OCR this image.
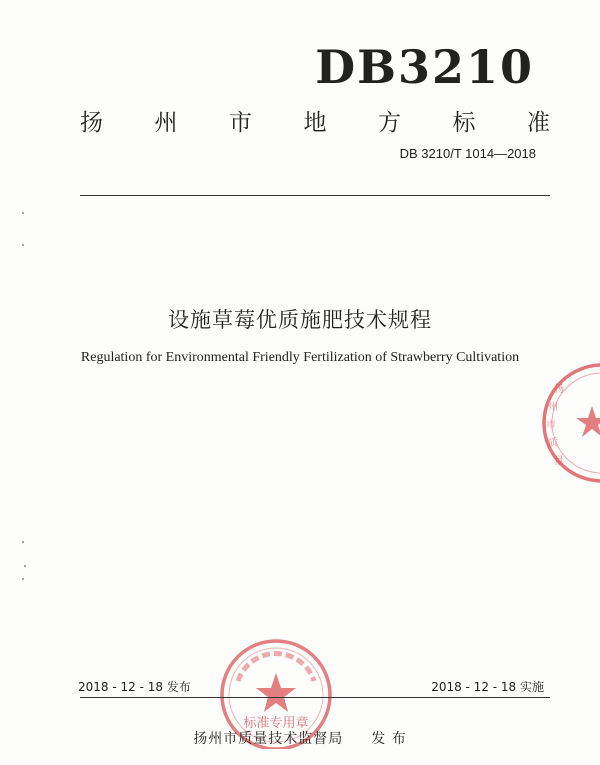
DB3210
扬 州 市 地 方 标 准
DB 3210/T 1014—2018
设施草莓优质施肥技术规程
Regulation for Environmental Friendly Fertilization of Strawberry Cultivation
扬
州
市
质
量
标准专用章
2018 - 12 - 18 发布	2018 - 12 - 18 实施
扬州市质量技术监督局 发 布
